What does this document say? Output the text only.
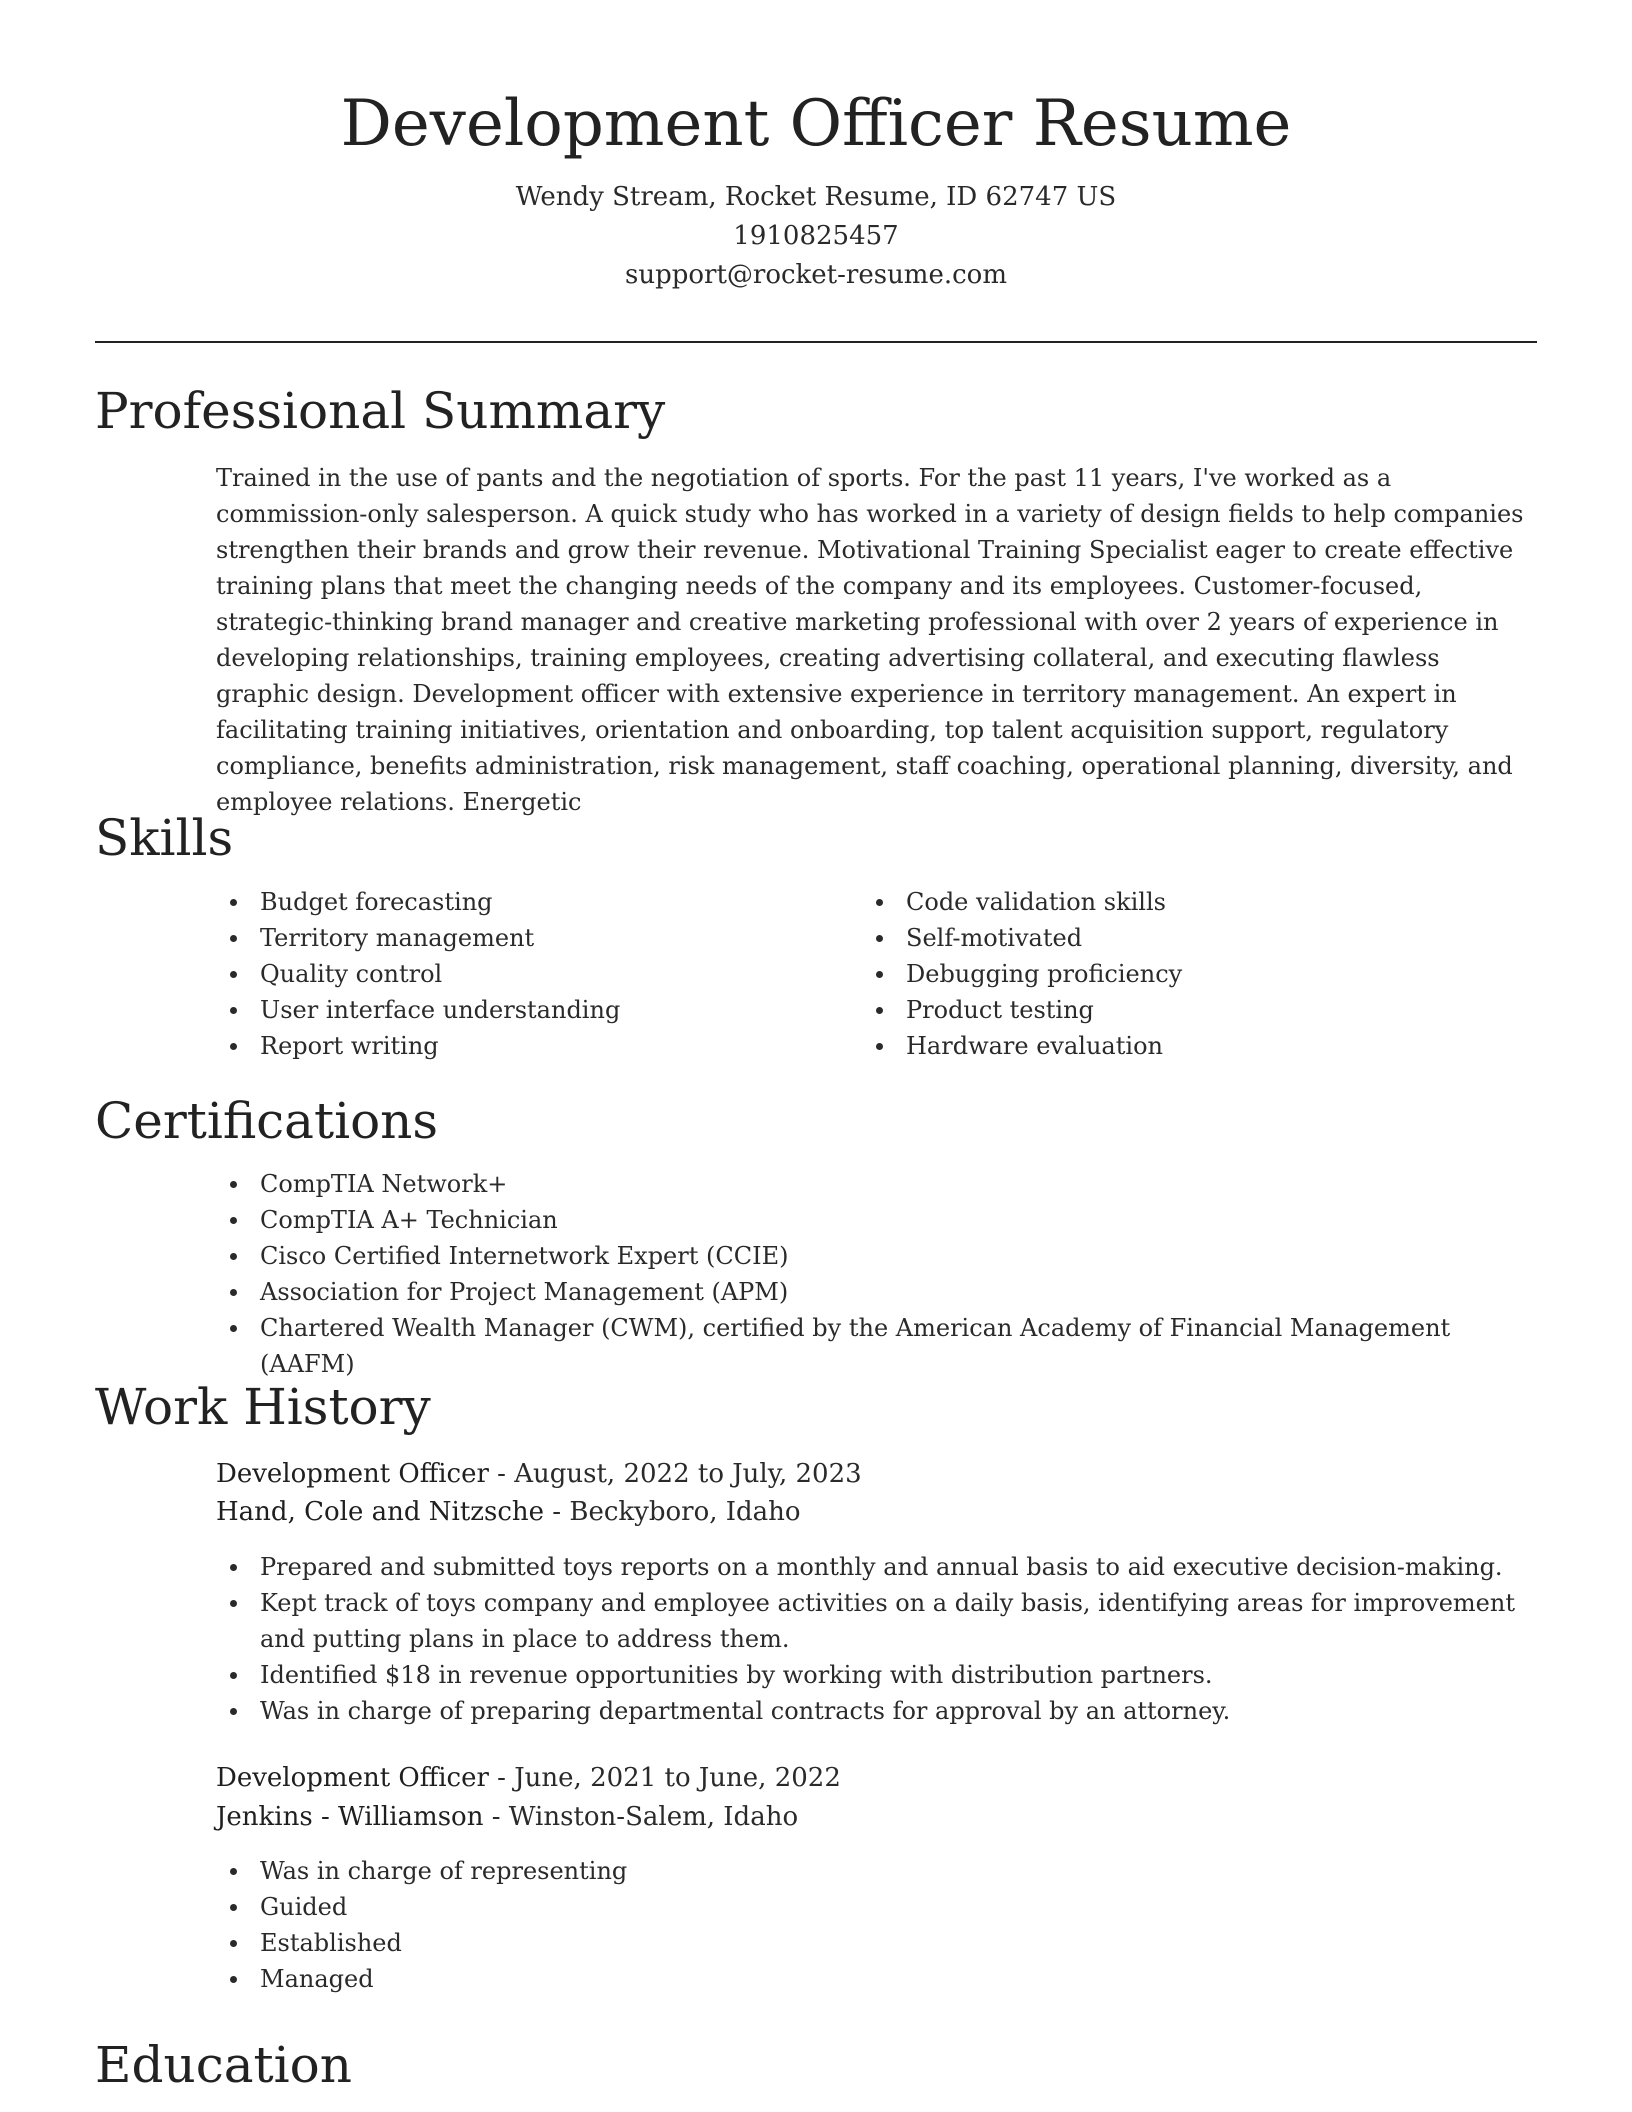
Development Officer Resume
Wendy Stream, Rocket Resume, ID 62747 US
1910825457
support@rocket-resume.com
Professional Summary

Trained in the use of pants and the negotiation of sports. For the past 11 years, I've worked as a commission-only salesperson. A quick study who has worked in a variety of design fields to help companies strengthen their brands and grow their revenue. Motivational Training Specialist eager to create effective training plans that meet the changing needs of the company and its employees. Customer-focused, strategic-thinking brand manager and creative marketing professional with over 2 years of experience in developing relationships, training employees, creating advertising collateral, and executing flawless graphic design. Development officer with extensive experience in territory management. An expert in facilitating training initiatives, orientation and onboarding, top talent acquisition support, regulatory compliance, benefits administration, risk management, staff coaching, operational planning, diversity, and employee relations. Energetic

Skills
Budget forecasting
Territory management
Quality control
User interface understanding
Report writing
Code validation skills
Self-motivated
Debugging proficiency
Product testing
Hardware evaluation
Certifications
CompTIA Network+
CompTIA A+ Technician
Cisco Certified Internetwork Expert (CCIE)
Association for Project Management (APM)
Chartered Wealth Manager (CWM), certified by the American Academy of Financial Management (AAFM)
Work History
Development Officer - August, 2022 to July, 2023
Hand, Cole and Nitzsche - Beckyboro, Idaho
Prepared and submitted toys reports on a monthly and annual basis to aid executive decision-making.
Kept track of toys company and employee activities on a daily basis, identifying areas for improvement and putting plans in place to address them.
Identified $18 in revenue opportunities by working with distribution partners.
Was in charge of preparing departmental contracts for approval by an attorney.
Development Officer - June, 2021 to June, 2022
Jenkins - Williamson - Winston-Salem, Idaho
Was in charge of representing
Guided
Established
Managed
Education
